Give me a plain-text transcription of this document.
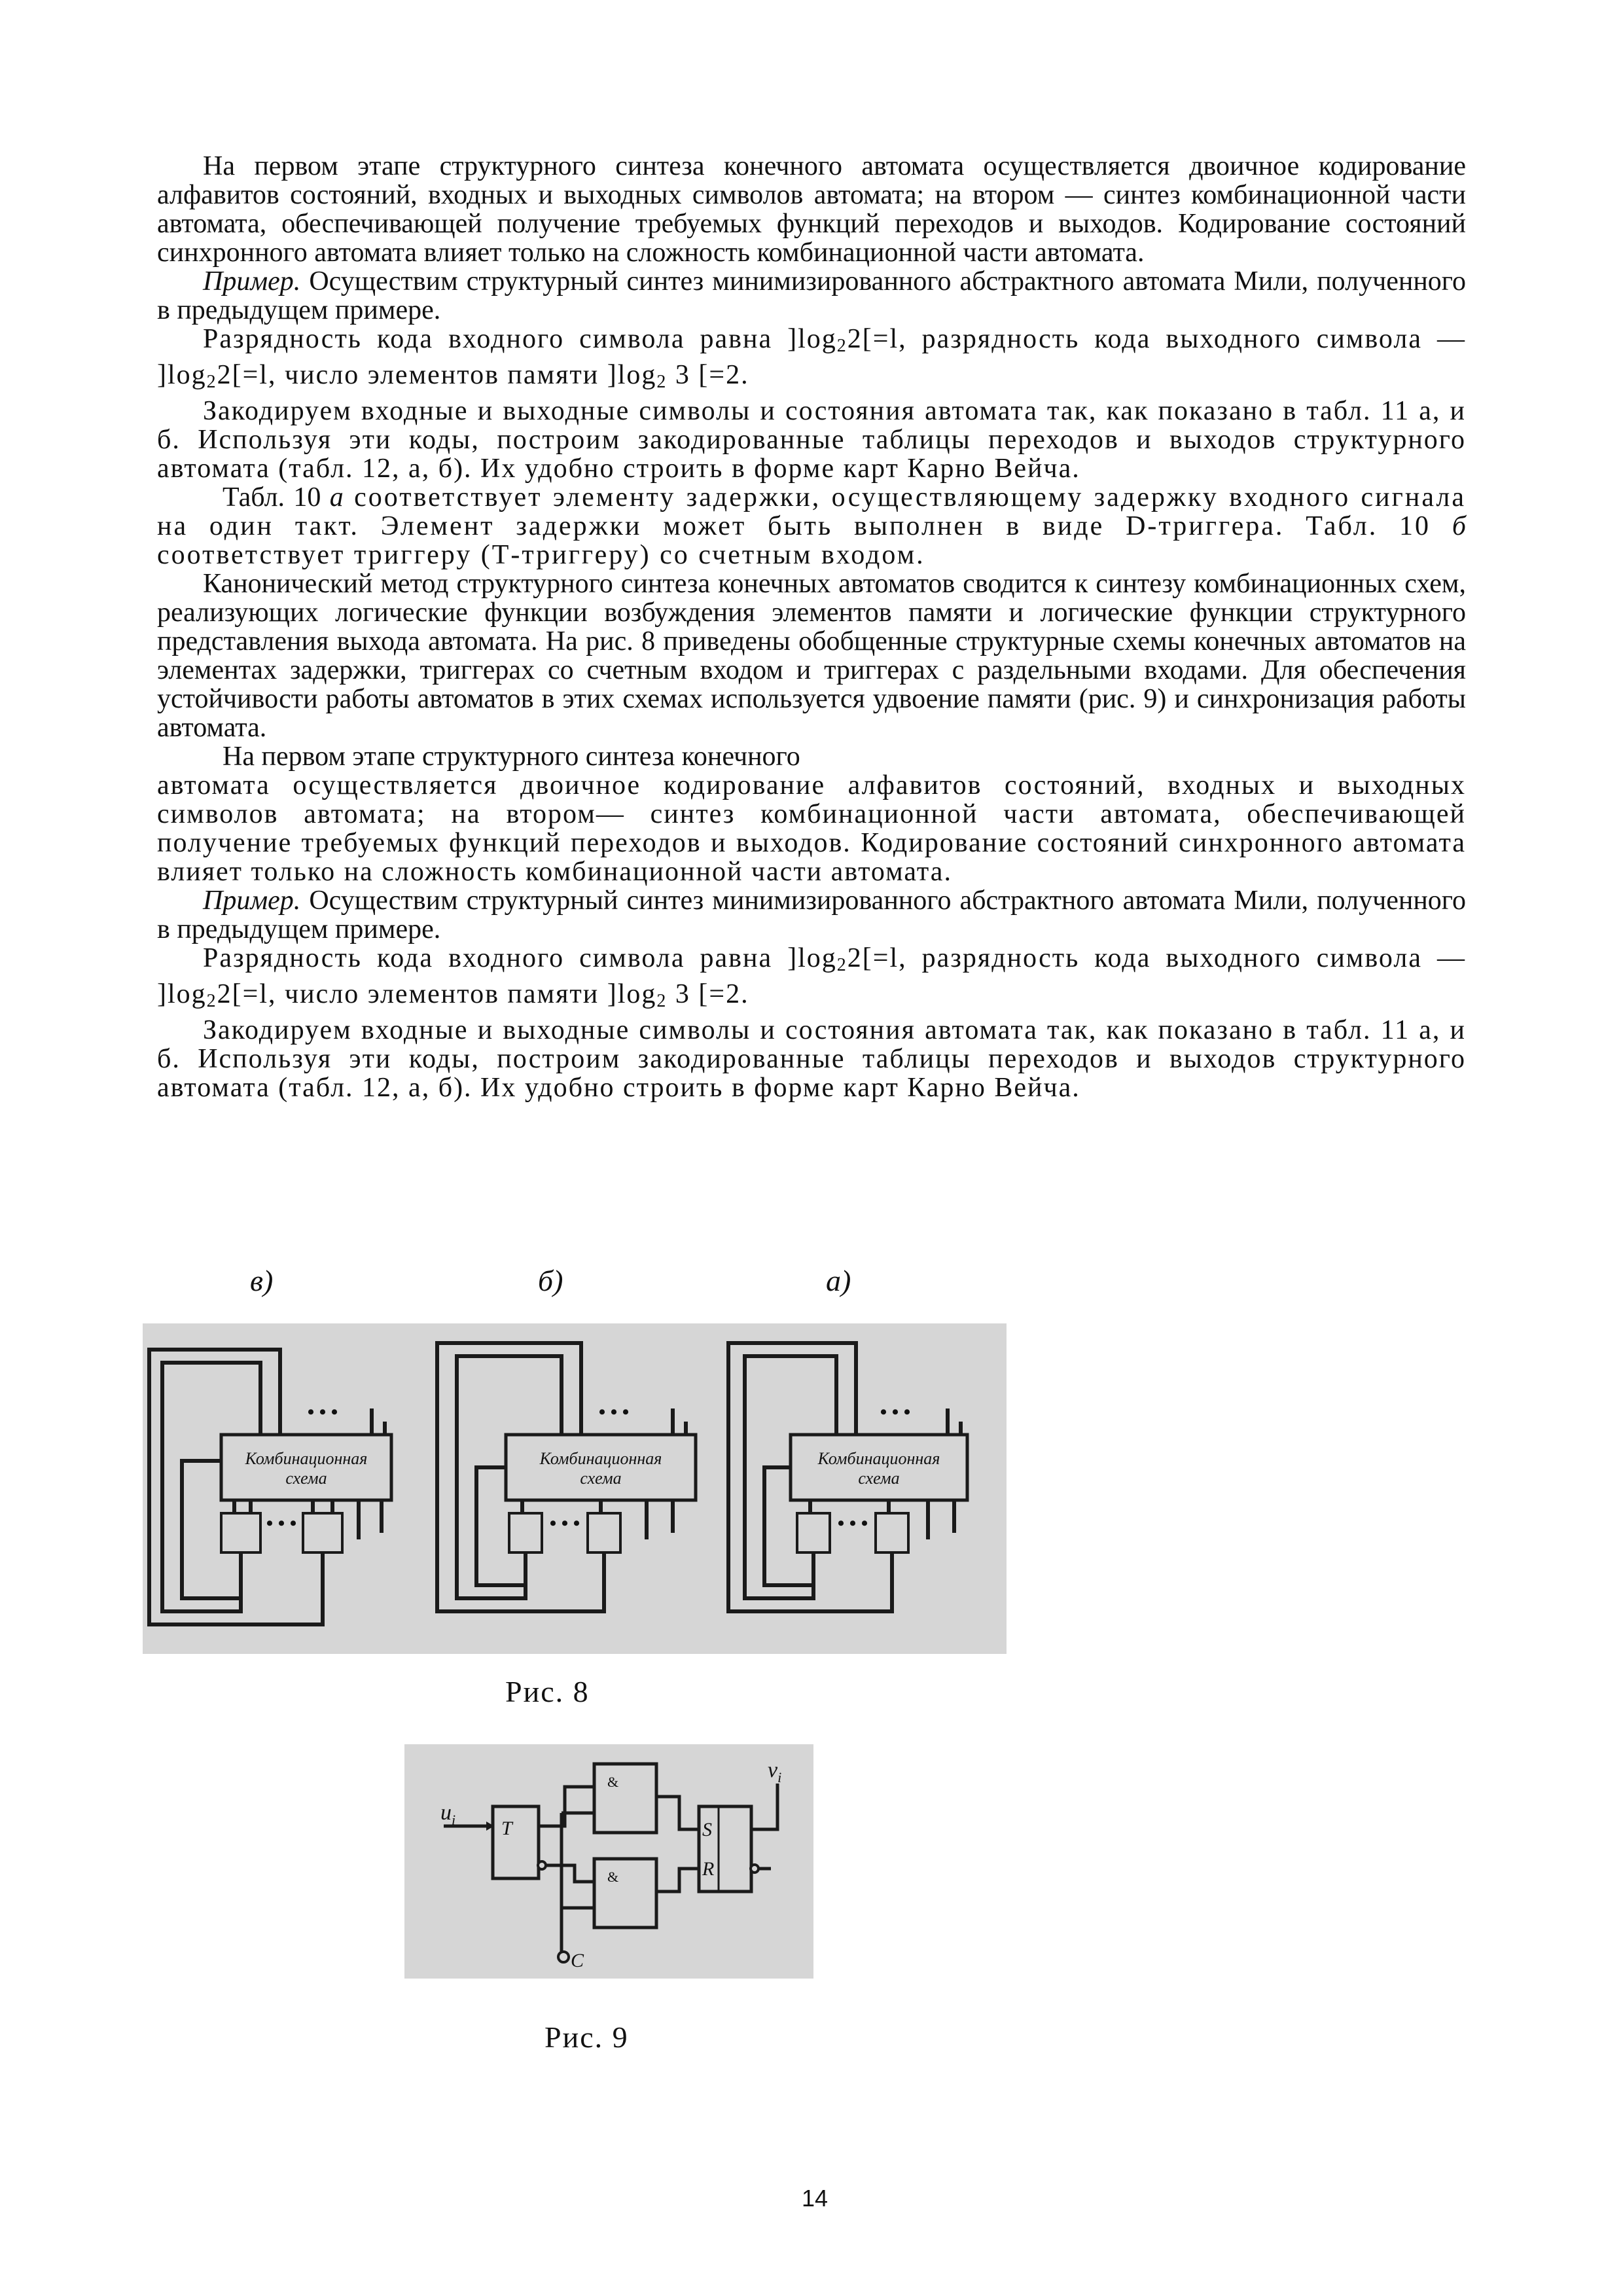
На первом этапе структурного синтеза конечного автомата осуществляется двоичное кодирование алфавитов состояний, входных и выходных символов автомата; на втором — синтез комбинационной части автомата, обеспечивающей получение требуемых функций переходов и выходов. Кодирование состояний синхронного автомата влияет только на сложность комбинационной части автомата.

Пример. Осуществим структурный синтез минимизированного абстрактного автомата Мили, полученного в предыдущем примере.

Разрядность кода входного символа равна ]$\log_22[=l$, разрядность кода выходного символа — ]$\log_22[=l$, число элементов памяти ]$\log_2$ 3 [=2.

Закодируем входные и выходные символы и состояния автомата так, как показано в табл. 11 а, и б. Используя эти коды, построим закодированные таблицы переходов и выходов структурного автомата (табл. 12, а, б). Их удобно строить в форме карт Карно Вейча.

Табл. 10 а соответствует элементу задержки, осуществляющему задержку входного сигнала на один такт. Элемент задержки может быть выполнен в виде D-триггера. Табл. 10 б соответствует триггеру (Т-триггеру) со счетным входом.

Канонический метод структурного синтеза конечных автоматов сводится к синтезу комбинационных схем, реализующих логические функции возбуждения элементов памяти и логические функции структурного представления выхода автомата. На рис. 8 приведены обобщенные структурные схемы конечных автоматов на элементах задержки, триггерах со счетным входом и триггерах с раздельными входами. Для обеспечения устойчивости работы автоматов в этих схемах используется удвоение памяти (рис. 9) и синхронизация работы автомата.

На первом этапе структурного синтеза конечного

автомата осуществляется двоичное кодирование алфавитов состояний, входных и выходных символов автомата; на втором— синтез комбинационной части автомата, обеспечивающей получение требуемых функций переходов и выходов. Кодирование состояний синхронного автомата влияет только на сложность комбинационной части автомата.

Пример. Осуществим структурный синтез минимизированного абстрактного автомата Мили, полученного в предыдущем примере.

Разрядность кода входного символа равна ]$\log_22[=l$, разрядность кода выходного символа — ]$\log_22[=l$, число элементов памяти ]$\log_2$ 3 [=2.

Закодируем входные и выходные символы и состояния автомата так, как показано в табл. 11 а, и б. Используя эти коды, построим закодированные таблицы переходов и выходов структурного автомата (табл. 12, а, б). Их удобно строить в форме карт Карно Вейча.

в)	б)	а)
Комбинационная
схема
Комбинационная
схема
Комбинационная
схема
• • •
• • •
• • •
• • •
• • •
• • •
Рис. 8
$u_i$ T
&
&
S
R
$v_i$
C
Рис. 9
14
